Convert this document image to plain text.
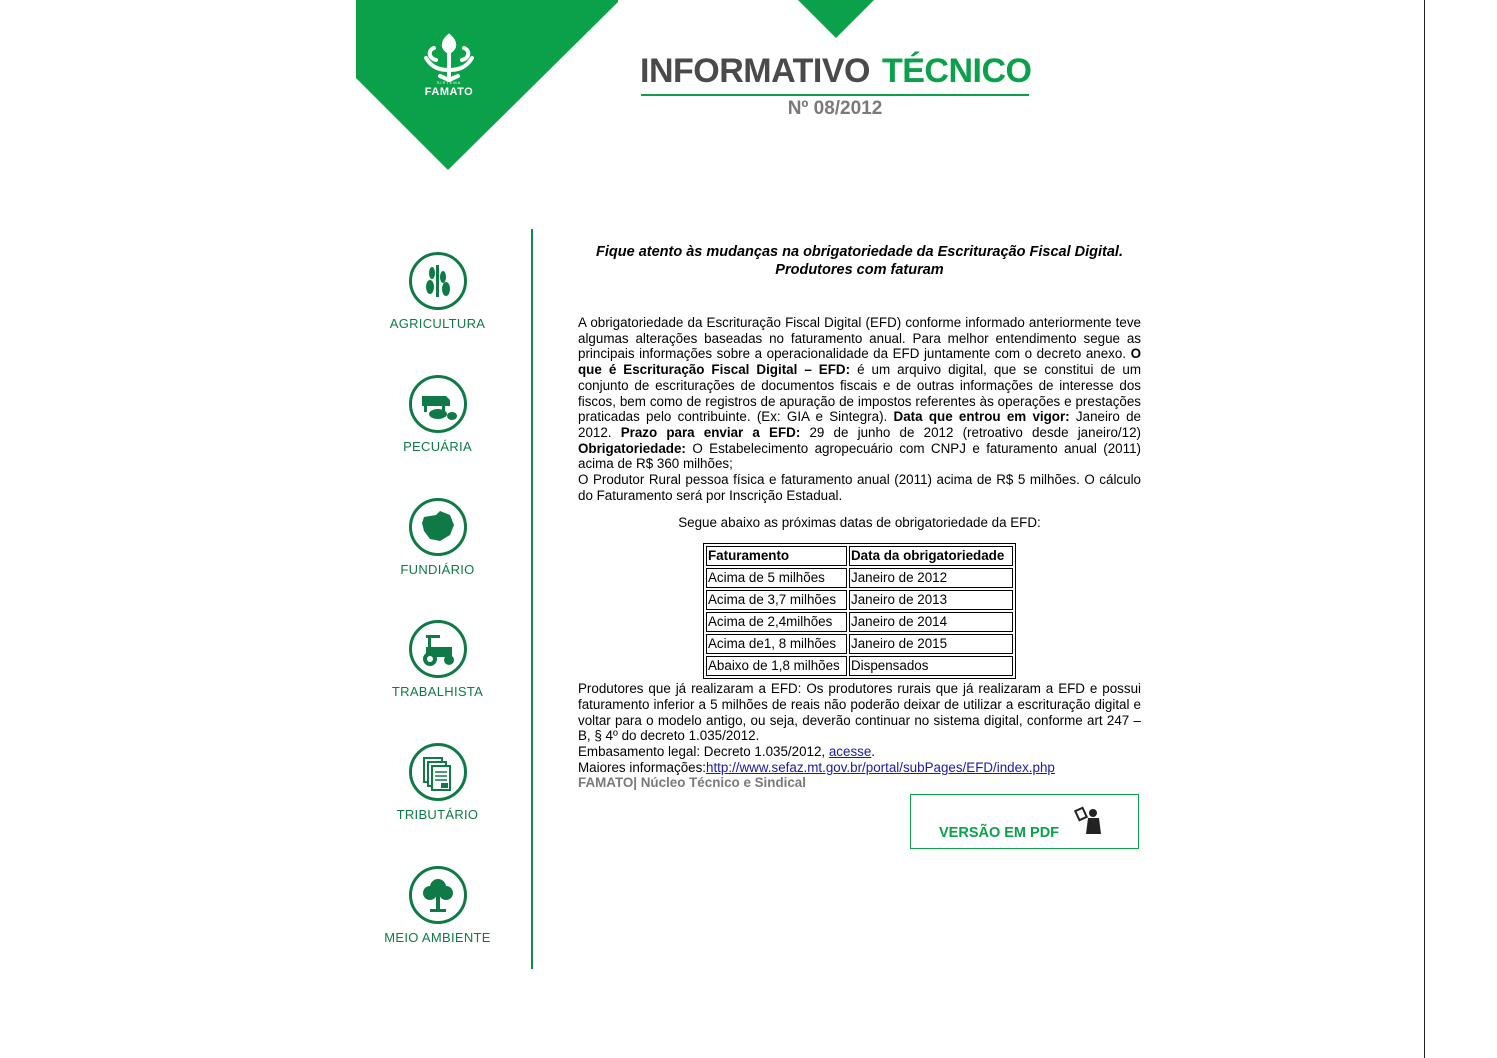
SISTEMA
FAMATO
INFORMATIVO TÉCNICO
Nº 08/2012
AGRICULTURA
PECUÁRIA
FUNDIÁRIO
TRABALHISTA
TRIBUTÁRIO
MEIO AMBIENTE
Fique atento às mudanças na obrigatoriedade da Escrituração Fiscal Digital. Produtores com faturam

A obrigatoriedade da Escrituração Fiscal Digital (EFD) conforme informado anteriormente teve algumas alterações baseadas no faturamento anual. Para melhor entendimento segue as principais informações sobre a operacionalidade da EFD juntamente com o decreto anexo. O que é Escrituração Fiscal Digital – EFD: é um arquivo digital, que se constitui de um conjunto de escriturações de documentos fiscais e de outras informações de interesse dos fiscos, bem como de registros de apuração de impostos referentes às operações e prestações praticadas pelo contribuinte. (Ex: GIA e Sintegra). Data que entrou em vigor: Janeiro de 2012. Prazo para enviar a EFD: 29 de junho de 2012 (retroativo desde janeiro/12) Obrigatoriedade: O Estabelecimento agropecuário com CNPJ e faturamento anual (2011) acima de R$ 360 milhões;

O Produtor Rural pessoa física e faturamento anual (2011) acima de R$ 5 milhões. O cálculo do Faturamento será por Inscrição Estadual.

Segue abaixo as próximas datas de obrigatoriedade da EFD:

Faturamento	Data da obrigatoriedade
Acima de 5 milhões	Janeiro de 2012
Acima de 3,7 milhões	Janeiro de 2013
Acima de 2,4milhões	Janeiro de 2014
Acima de1, 8 milhões	Janeiro de 2015
Abaixo de 1,8 milhões	Dispensados

Produtores que já realizaram a EFD: Os produtores rurais que já realizaram a EFD e possui faturamento inferior a 5 milhões de reais não poderão deixar de utilizar a escrituração digital e voltar para o modelo antigo, ou seja, deverão continuar no sistema digital, conforme art 247 –B, § 4º do decreto 1.035/2012.

Embasamento legal: Decreto 1.035/2012, acesse.

Maiores informações:http://www.sefaz.mt.gov.br/portal/subPages/EFD/index.php

FAMATO| Núcleo Técnico e Sindical

VERSÃO EM PDF
